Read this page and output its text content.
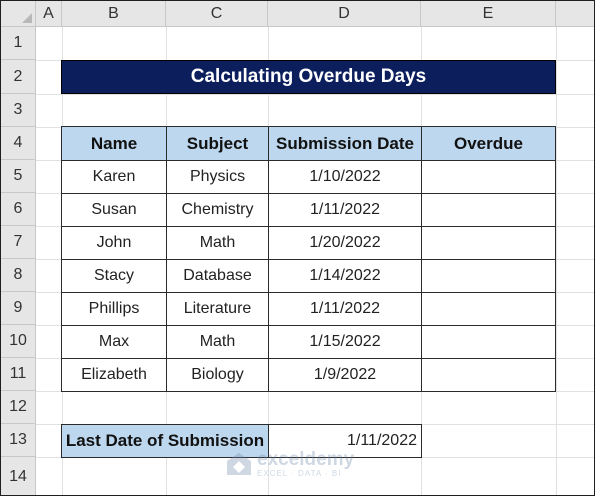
A	B	C	D	E
1
2
3
4
5
6
7
8
9
10
11
12
13
14
Calculating Overdue Days
Name	Subject	Submission Date	Overdue
Karen	Physics	1/10/2022
Susan	Chemistry	1/11/2022
John	Math	1/20/2022
Stacy	Database	1/14/2022
Phillips	Literature	1/11/2022
Max	Math	1/15/2022
Elizabeth	Biology	1/9/2022
Last Date of Submission	1/11/2022
exceldemy
EXCEL · DATA · BI
